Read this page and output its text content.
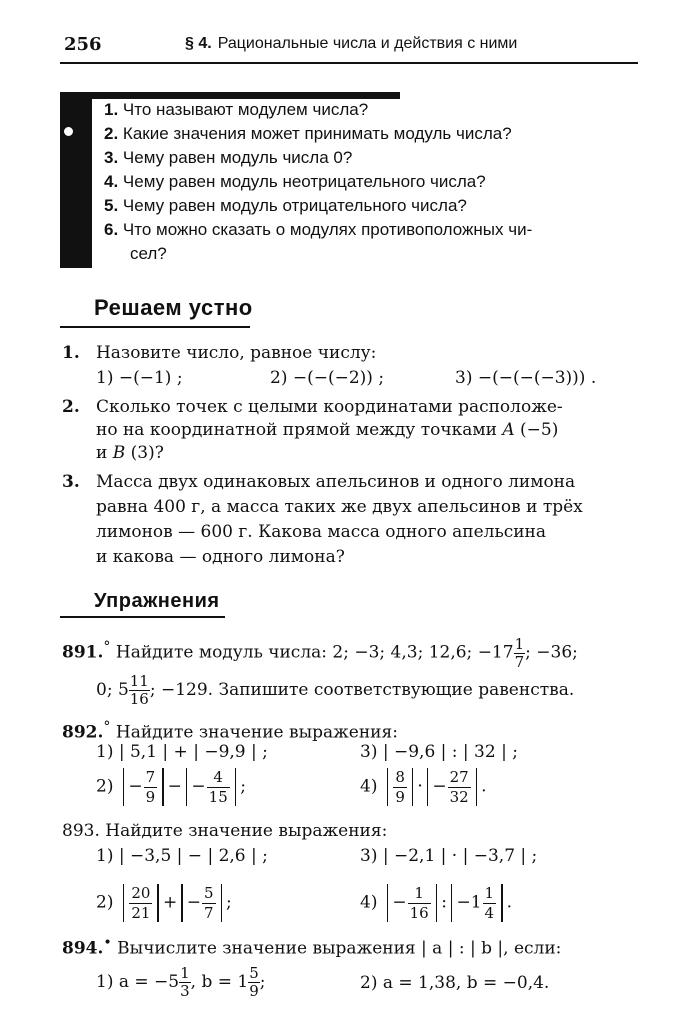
256	§ 4. Рациональные числа и действия с ними
1. Что называют модулем числа?
2. Какие значения может принимать модуль числа?
3. Чему равен модуль числа 0?
4. Чему равен модуль неотрицательного числа?
5. Чему равен модуль отрицательного числа?
6. Что можно сказать о модулях противоположных чи-
сел?
Решаем устно
1. Назовите число, равное числу:
1) −(−1) ;	2) −(−(−2)) ;	3) −(−(−(−3))) .
2. Сколько точек с целыми координатами расположе-
но на координатной прямой между точками A (−5)
и B (3)?
3. Масса двух одинаковых апельсинов и одного лимона
равна 400 г, а масса таких же двух апельсинов и трёх
лимонов — 600 г. Какова масса одного апельсина
и какова — одного лимона?
Упражнения
891.° Найдите модуль числа: 2; −3; 4,3; 12,6; $-17 \frac{1}{7}$ ; −36;
0; $5 \frac{11}{16}$ ; −129. Запишите соответствующие равенства.
892.° Найдите значение выражения:
1) | 5,1 | + | −9,9 | ;	3) | −9,6 | : | 32 | ;
$2) - \frac{7}{9}$ − − $\frac{4}{15}$ ;	$4) \frac{8}{9}$ · − $\frac{27}{32}$ .
893. Найдите значение выражения:
1) | −3,5 | − | 2,6 | ;	3) | −2,1 | · | −3,7 | ;
$2) \frac{20}{21}$ + − $\frac{5}{7}$ ;	$4) - \frac{1}{16}$ : $-1 \frac{1}{4}$ .
894.• Вычислите значение выражения | a | : | b |, если:
1) $a = -5 \frac{1}{3}$ , $b = 1 \frac{5}{9}$ ;	2) a = 1,38, b = −0,4.
